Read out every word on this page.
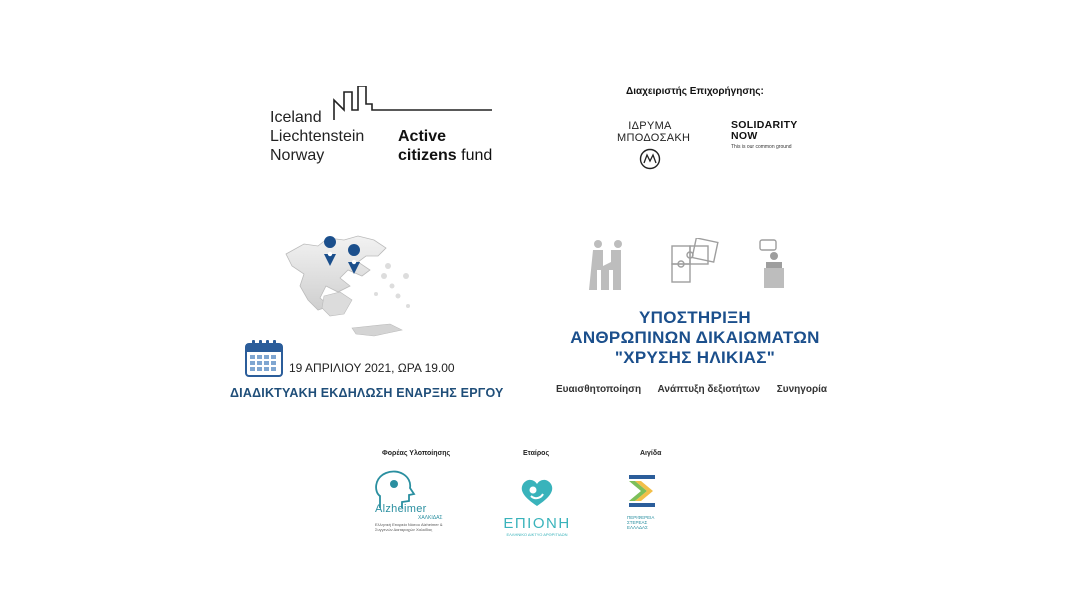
Iceland
Liechtenstein
Norway
Active
citizens fund
Διαχειριστής Επιχορήγησης:
ΙΔΡΥΜΑ
ΜΠΟΔΟΣΑΚΗ
SOLIDARITY
NOW
This is our common ground
19 ΑΠΡΙΛΙΟΥ 2021, ΩΡΑ 19.00
ΔΙΑΔΙΚΤΥΑΚΗ ΕΚΔΗΛΩΣΗ ΕΝΑΡΞΗΣ ΕΡΓΟΥ
ΥΠΟΣΤΗΡΙΞΗ
ΑΝΘΡΩΠΙΝΩΝ ΔΙΚΑΙΩΜΑΤΩΝ
"ΧΡΥΣΗΣ ΗΛΙΚΙΑΣ"
Ευαισθητοποίηση Ανάπτυξη δεξιοτήτων Συνηγορία
Φορέας Υλοποίησης	Εταίρος	Αιγίδα
Alzheimer
ΧΑΛΚΙΔΑΣ
Ελληνική Εταιρεία Νόσου Alzheimer & Συγγενών Διαταραχών Χαλκίδας	ΕΠΙΟΝΗ
ΕΛΛΗΝΙΚΟ ΔΙΚΤΥΟ ΑΡΘΡΙΤΙΔΩΝ
ΠΕΡΙΦΕΡΕΙΑ
ΣΤΕΡΕΑΣ
ΕΛΛΑΔΑΣ
